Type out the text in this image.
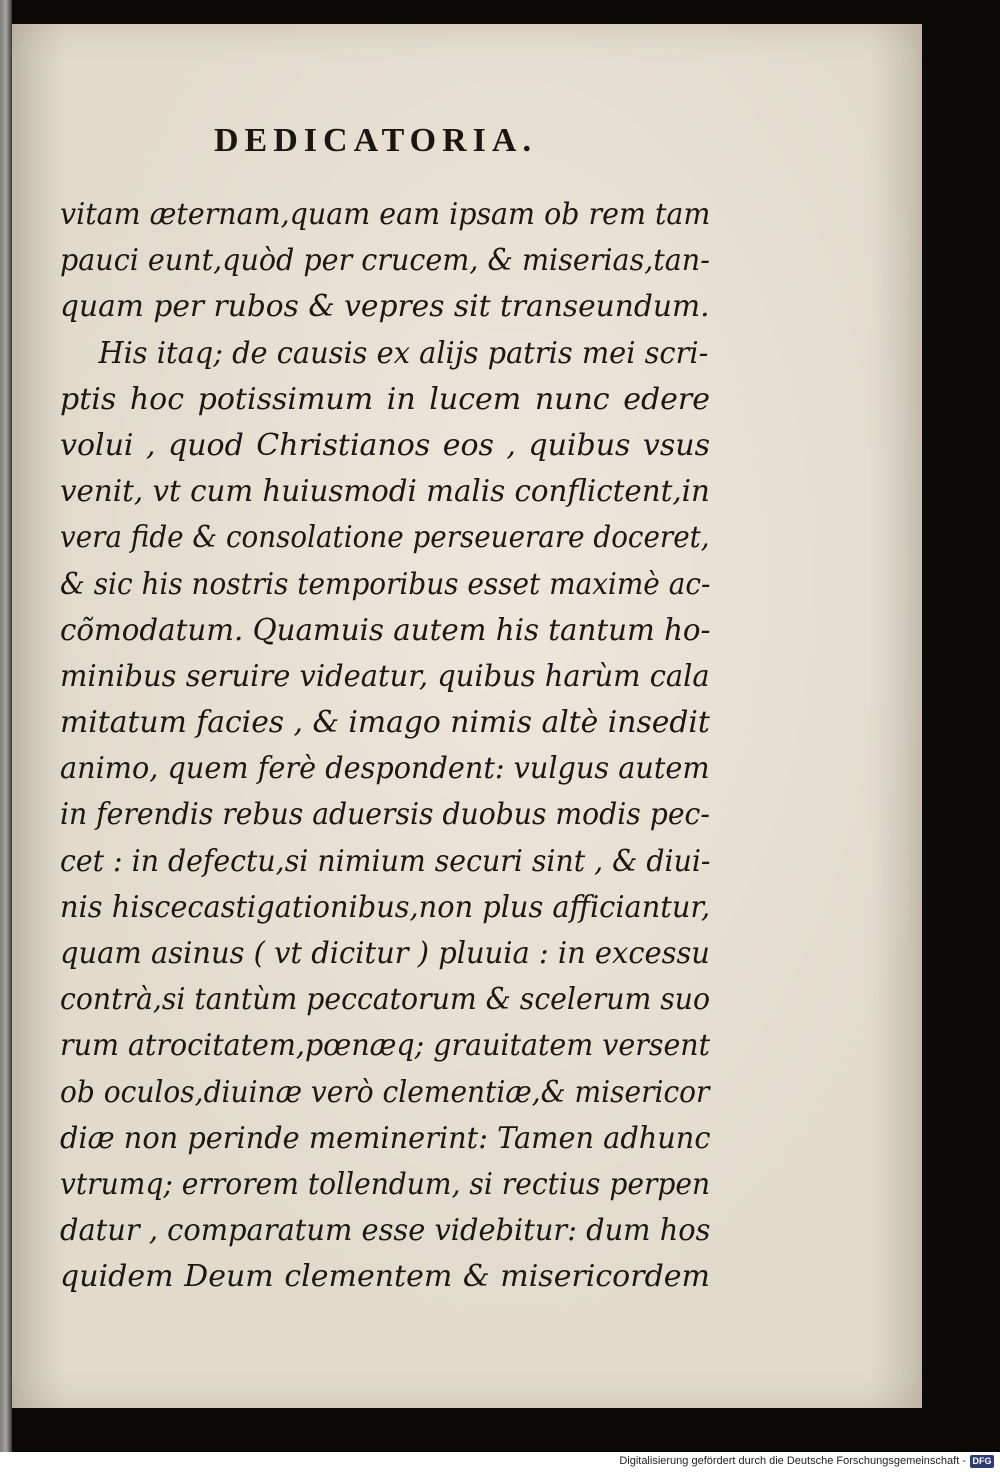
DEDICATORIA.
vitam æternam,quam eam ipsam ob rem tam
pauci eunt,quòd per crucem, & miserias,tan-
quam per rubos & vepres sit transeundum.
His itaq; de causis ex alijs patris mei scri-
ptis hoc potissimum in lucem nunc edere
volui , quod Christianos eos , quibus vsus
venit, vt cum huiusmodi malis conflictent,in
vera fide & consolatione perseuerare doceret,
& sic his nostris temporibus esset maximè ac-
cõmodatum. Quamuis autem his tantum ho-
minibus seruire videatur, quibus harùm cala
mitatum facies , & imago nimis altè insedit
animo, quem ferè despondent: vulgus autem
in ferendis rebus aduersis duobus modis pec-
cet : in defectu,si nimium securi sint , & diui-
nis hiscecastigationibus,non plus afficiantur,
quam asinus ( vt dicitur ) pluuia : in excessu
contrà,si tantùm peccatorum & scelerum suo
rum atrocitatem,pœnæq; grauitatem versent
ob oculos,diuinæ verò clementiæ,& misericor
diæ non perinde meminerint: Tamen adhunc
vtrumq; errorem tollendum, si rectius perpen
datur , comparatum esse videbitur: dum hos
quidem Deum clementem & misericordem
Digitalisierung gefördert durch die Deutsche Forschungsgemeinschaft - DFG
